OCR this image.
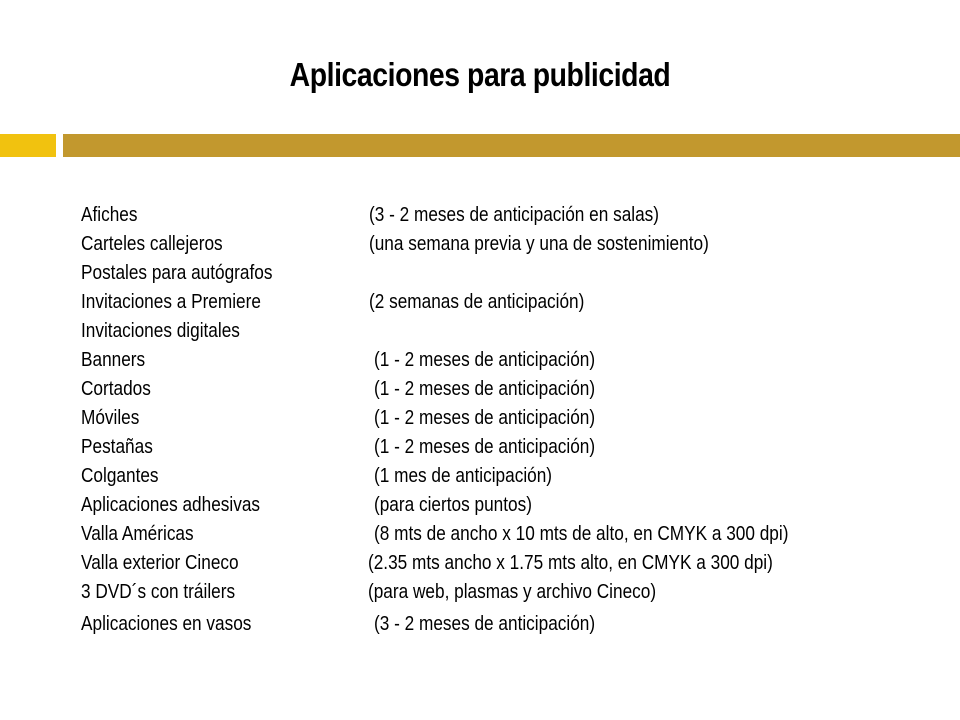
Aplicaciones para publicidad
Afiches	(3 - 2 meses de anticipación en salas)
Carteles callejeros	(una semana previa y una de sostenimiento)
Postales para autógrafos
Invitaciones a Premiere	(2 semanas de anticipación)
Invitaciones digitales
Banners	(1 - 2 meses de anticipación)
Cortados	(1 - 2 meses de anticipación)
Móviles	(1 - 2 meses de anticipación)
Pestañas	(1 - 2 meses de anticipación)
Colgantes	(1 mes de anticipación)
Aplicaciones adhesivas	(para ciertos puntos)
Valla Américas	(8 mts de ancho x 10 mts de alto, en CMYK a 300 dpi)
Valla exterior Cineco	(2.35 mts ancho x 1.75 mts alto, en CMYK a 300 dpi)
3 DVD´s con tráilers	(para web, plasmas y archivo Cineco)
Aplicaciones en vasos	(3 - 2 meses de anticipación)
